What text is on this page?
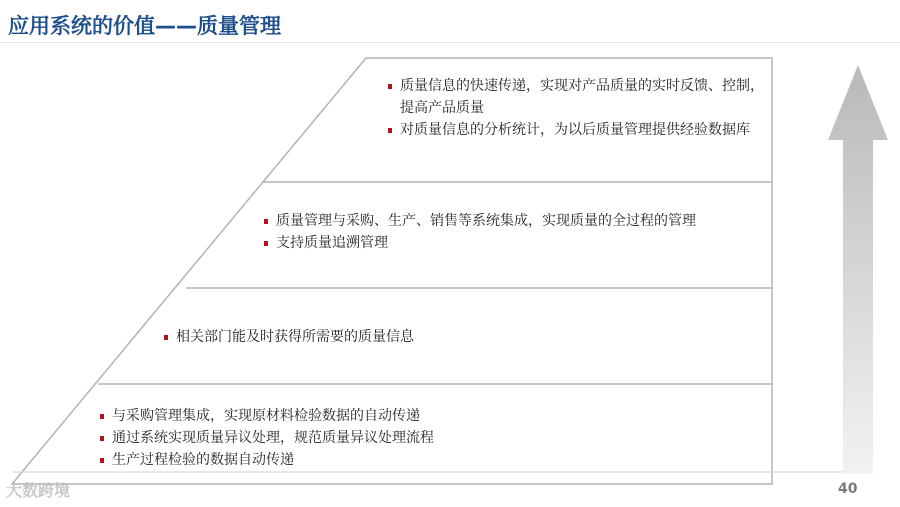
应用系统的价值——质量管理
质量信息的快速传递，实现对产品质量的实时反馈、控制，提高产品质量
对质量信息的分析统计，为以后质量管理提供经验数据库
质量管理与采购、生产、销售等系统集成，实现质量的全过程的管理
支持质量追溯管理
相关部门能及时获得所需要的质量信息
与采购管理集成，实现原材料检验数据的自动传递
通过系统实现质量异议处理，规范质量异议处理流程
生产过程检验的数据自动传递
大数跨境	40
